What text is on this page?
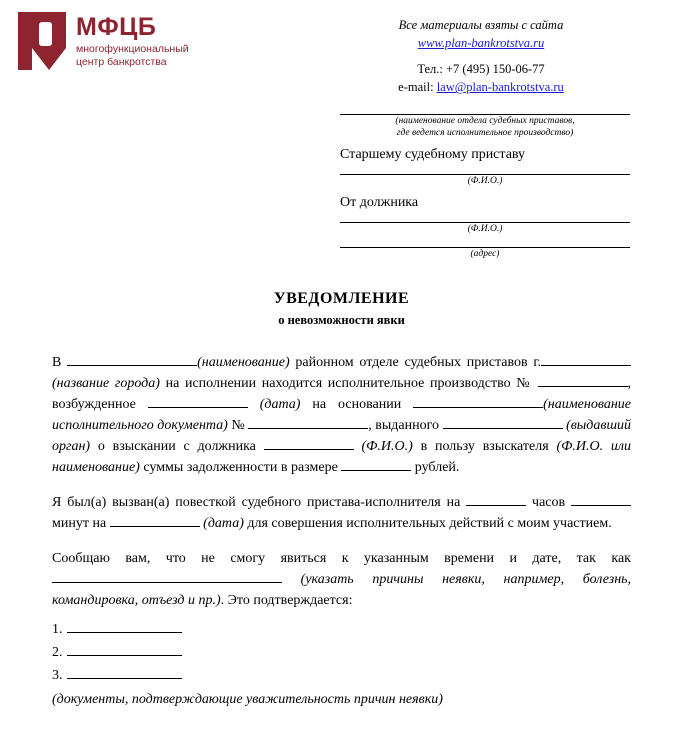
МФЦБ
многофункциональный
центр банкротства
Все материалы взяты с сайта
www.plan-bankrotstva.ru
Тел.: +7 (495) 150-06-77
e-mail: law@plan-bankrotstva.ru
(наименование отдела судебных приставов,
где ведется исполнительное производство)
Старшему судебному приставу
(Ф.И.О.)
От должника
(Ф.И.О.)
(адрес)
УВЕДОМЛЕНИЕ
о невозможности явки
В	(наименование) районном отделе судебных приставов г. (название города) на исполнении находится исполнительное производство №	, возбужденное	(дата) на основании	(наименование исполнительного документа) №	, выданного	(выдавший орган) о взыскании с должника	(Ф.И.О.) в пользу взыскателя (Ф.И.О. или наименование) суммы задолженности в размере	рублей.
Я был(а) вызван(а) повесткой судебного пристава-исполнителя на	часов  минут на	(дата) для совершения исполнительных действий с моим участием.
Сообщаю вам, что не смогу явиться к указанным времени и дате, так как  (указать причины неявки, например, болезнь, командировка, отъезд и пр.). Это подтверждается:
1.
2.
3.
(документы, подтверждающие уважительность причин неявки)
